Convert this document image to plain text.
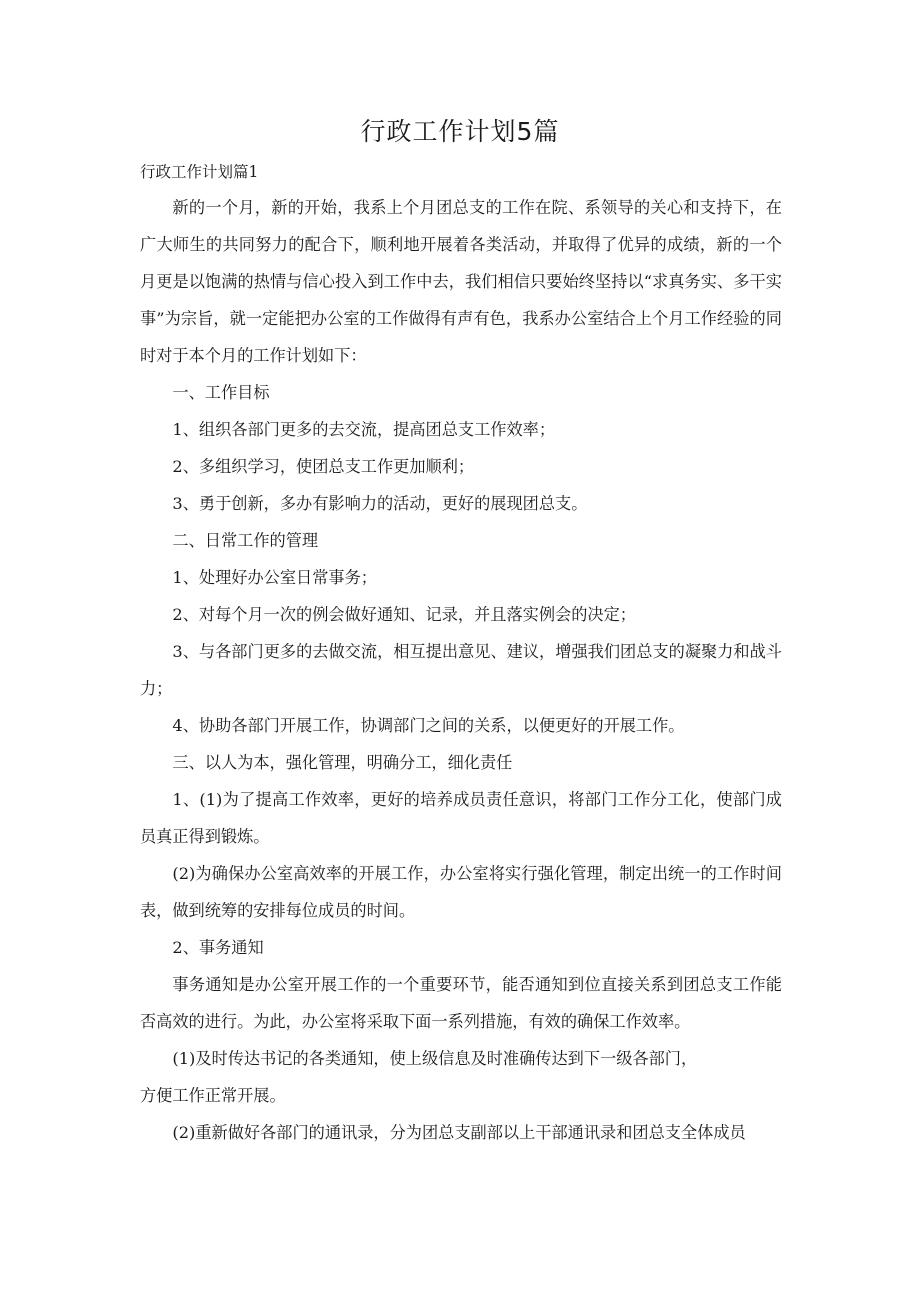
行政工作计划5篇
行政工作计划篇1

新的一个月，新的开始，我系上个月团总支的工作在院、系领导的关心和支持下，在广大师生的共同努力的配合下，顺利地开展着各类活动，并取得了优异的成绩，新的一个月更是以饱满的热情与信心投入到工作中去，我们相信只要始终坚持以“求真务实、多干实事”为宗旨，就一定能把办公室的工作做得有声有色，我系办公室结合上个月工作经验的同时对于本个月的工作计划如下：

一、工作目标

1、组织各部门更多的去交流，提高团总支工作效率；

2、多组织学习，使团总支工作更加顺利；

3、勇于创新，多办有影响力的活动，更好的展现团总支。

二、日常工作的管理

1、处理好办公室日常事务；

2、对每个月一次的例会做好通知、记录，并且落实例会的决定；

3、与各部门更多的去做交流，相互提出意见、建议，增强我们团总支的凝聚力和战斗力；

4、协助各部门开展工作，协调部门之间的关系，以便更好的开展工作。

三、以人为本，强化管理，明确分工，细化责任

1、(1)为了提高工作效率，更好的培养成员责任意识，将部门工作分工化，使部门成员真正得到锻炼。

(2)为确保办公室高效率的开展工作，办公室将实行强化管理，制定出统一的工作时间表，做到统筹的安排每位成员的时间。

2、事务通知

事务通知是办公室开展工作的一个重要环节，能否通知到位直接关系到团总支工作能否高效的进行。为此，办公室将采取下面一系列措施，有效的确保工作效率。

(1)及时传达书记的各类通知，使上级信息及时准确传达到下一级各部门，

方便工作正常开展。

(2)重新做好各部门的通讯录，分为团总支副部以上干部通讯录和团总支全体成员
